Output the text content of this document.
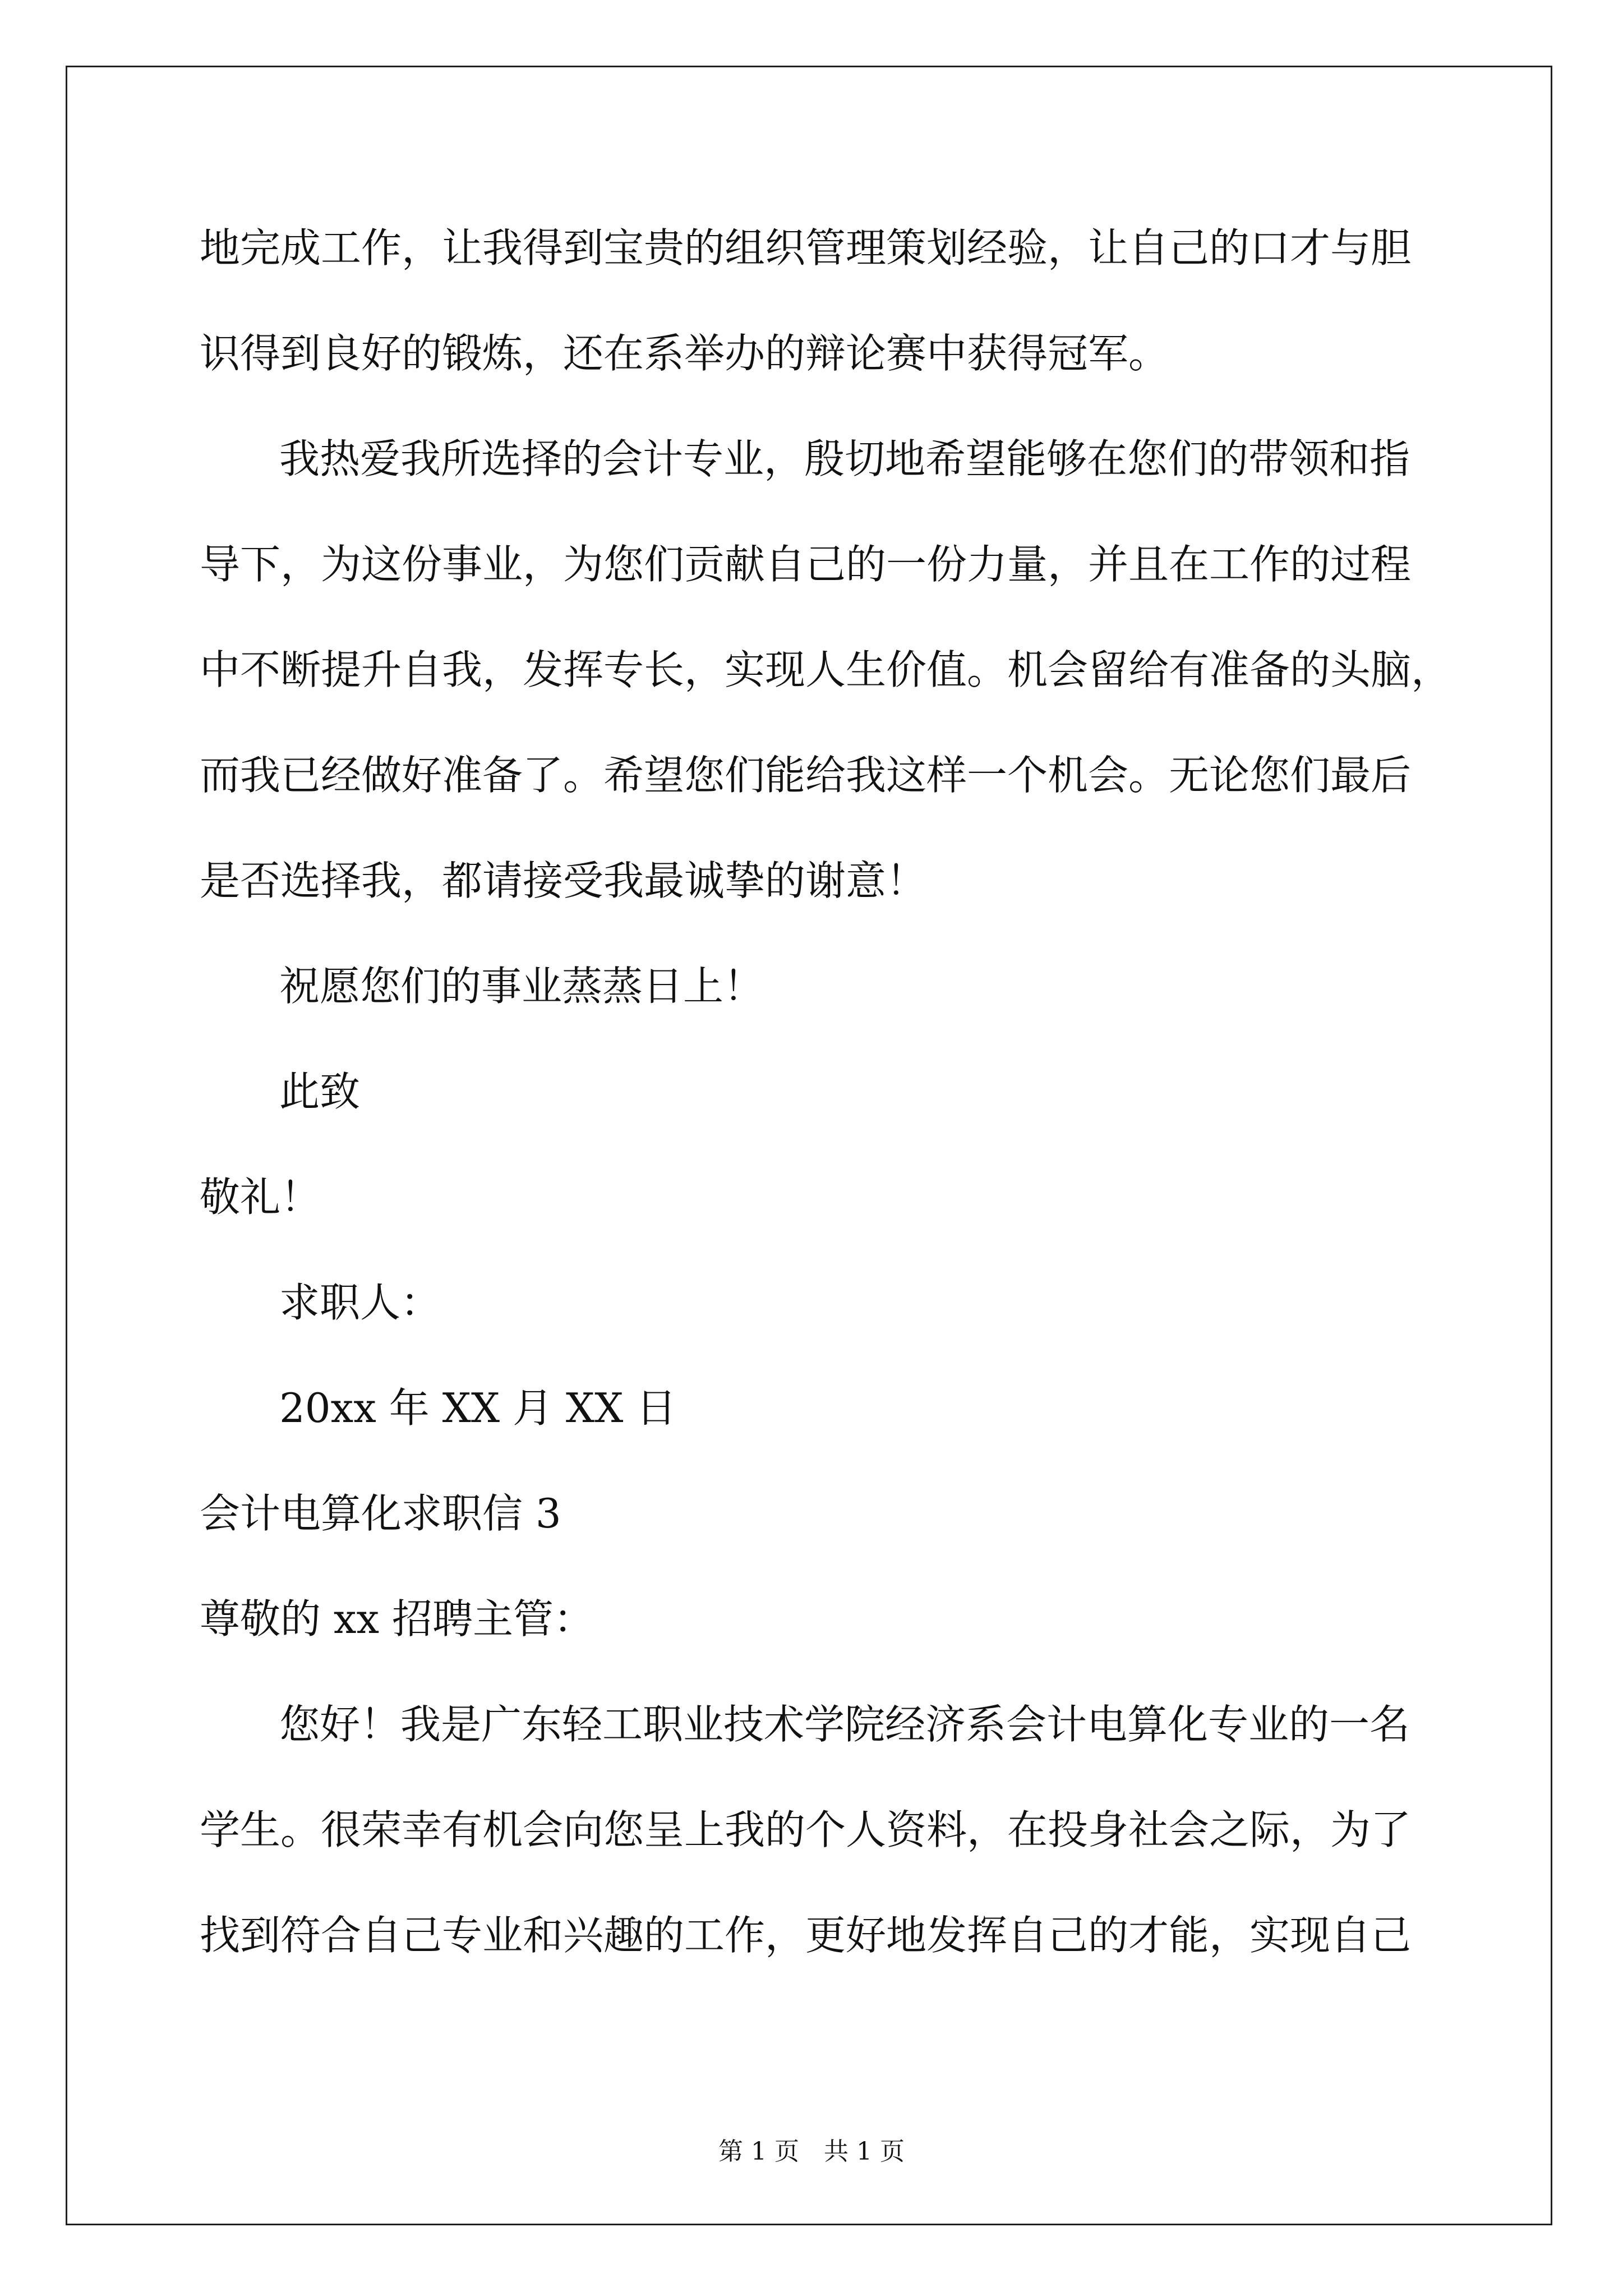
地完成工作，让我得到宝贵的组织管理策划经验，让自己的口才与胆
识得到良好的锻炼，还在系举办的辩论赛中获得冠军。
我热爱我所选择的会计专业，殷切地希望能够在您们的带领和指
导下，为这份事业，为您们贡献自己的一份力量，并且在工作的过程
中不断提升自我，发挥专长，实现人生价值。机会留给有准备的头脑，
而我已经做好准备了。希望您们能给我这样一个机会。无论您们最后
是否选择我，都请接受我最诚挚的谢意！
祝愿您们的事业蒸蒸日上！
此致
敬礼！
求职人：
20xx 年 XX 月 XX 日
会计电算化求职信 3
尊敬的 xx 招聘主管：
您好！我是广东轻工职业技术学院经济系会计电算化专业的一名
学生。很荣幸有机会向您呈上我的个人资料，在投身社会之际，为了
找到符合自己专业和兴趣的工作，更好地发挥自己的才能，实现自己
第 1 页　共 1 页
